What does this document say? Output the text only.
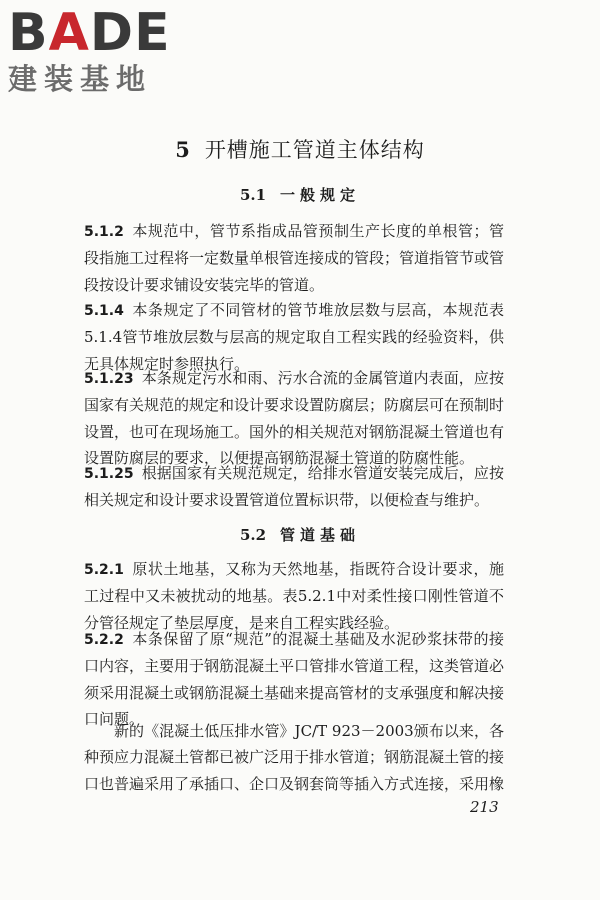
BADE
建装基地
5 开槽施工管道主体结构
5.1 一般规定

5.1.2 本规范中，管节系指成品管预制生产长度的单根管；管段指施工过程将一定数量单根管连接成的管段；管道指管节或管段按设计要求铺设安装完毕的管道。

5.1.4 本条规定了不同管材的管节堆放层数与层高，本规范表5.1.4管节堆放层数与层高的规定取自工程实践的经验资料，供无具体规定时参照执行。

5.1.23 本条规定污水和雨、污水合流的金属管道内表面，应按国家有关规范的规定和设计要求设置防腐层；防腐层可在预制时设置，也可在现场施工。国外的相关规范对钢筋混凝土管道也有设置防腐层的要求，以便提高钢筋混凝土管道的防腐性能。

5.1.25 根据国家有关规范规定，给排水管道安装完成后，应按相关规定和设计要求设置管道位置标识带，以便检查与维护。

5.2 管道基础

5.2.1 原状土地基，又称为天然地基，指既符合设计要求，施工过程中又未被扰动的地基。表5.2.1中对柔性接口刚性管道不分管径规定了垫层厚度，是来自工程实践经验。

5.2.2 本条保留了原“规范”的混凝土基础及水泥砂浆抹带的接口内容，主要用于钢筋混凝土平口管排水管道工程，这类管道必须采用混凝土或钢筋混凝土基础来提高管材的支承强度和解决接口问题。

新的《混凝土低压排水管》JC/T 923－2003颁布以来，各种预应力混凝土管都已被广泛用于排水管道；钢筋混凝土管的接口也普遍采用了承插口、企口及钢套筒等插入方式连接，采用橡

213
